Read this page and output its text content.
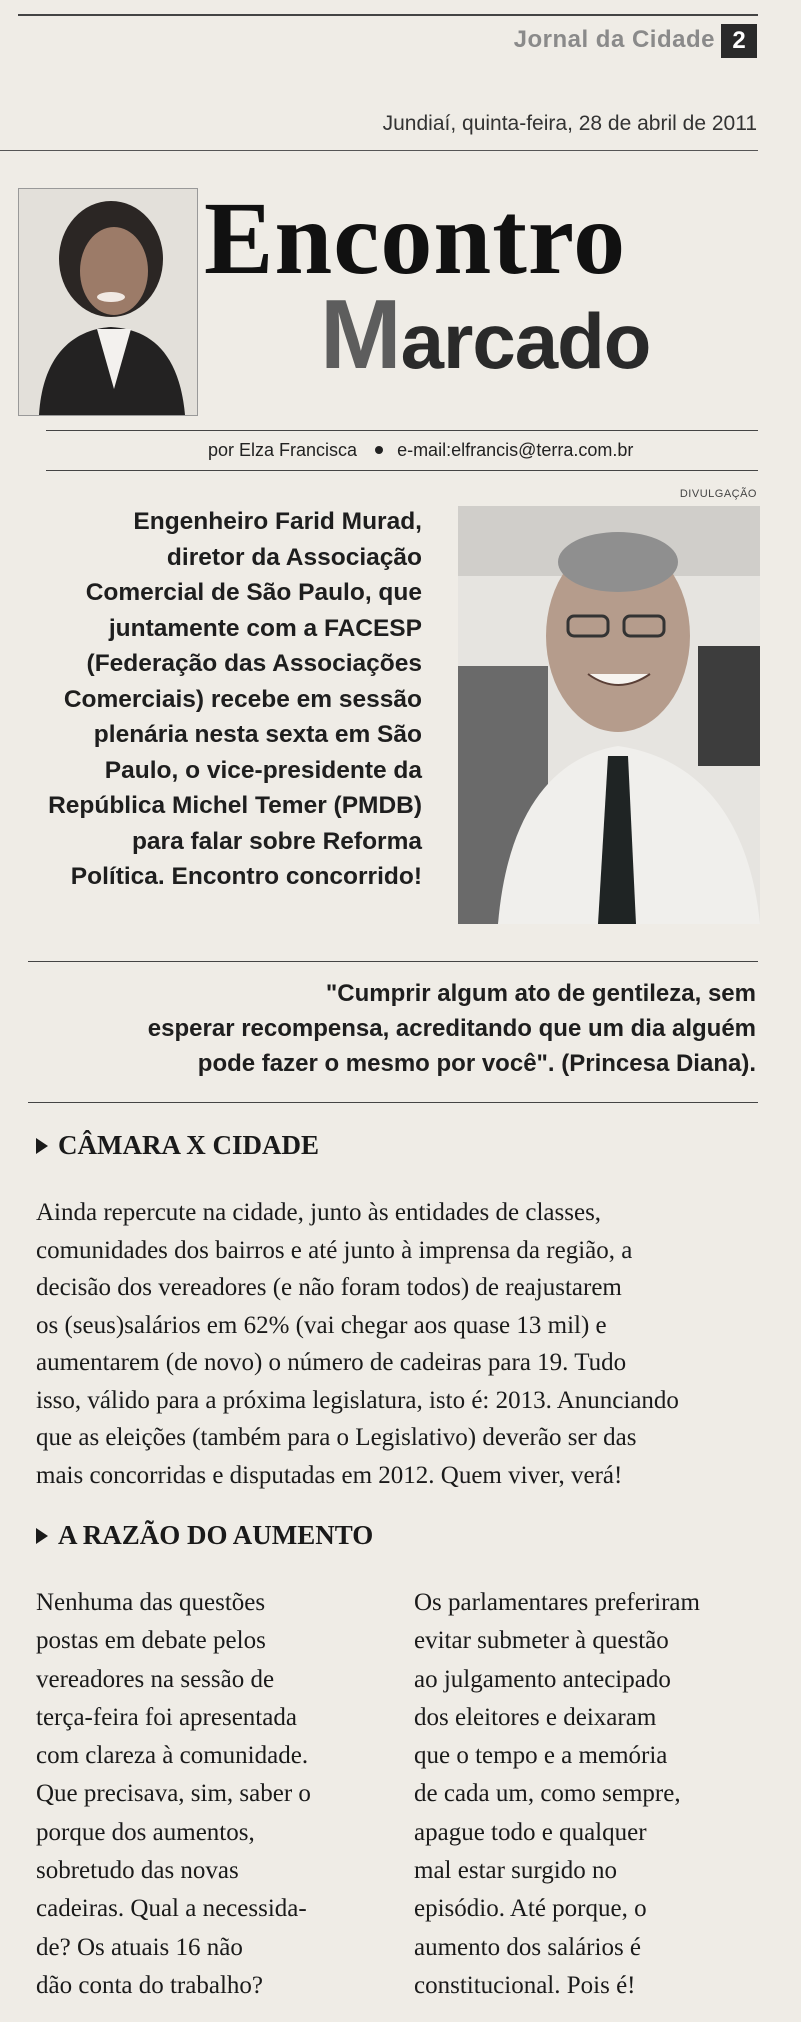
Jornal da Cidade 2
Jundiaí, quinta-feira, 28 de abril de 2011
Encontro
Marcado
por Elza Francisca e-mail:elfrancis@terra.com.br
DIVULGAÇÃO
Engenheiro Farid Murad,
diretor da Associação
Comercial de São Paulo, que
juntamente com a FACESP
(Federação das Associações
Comerciais) recebe em sessão
plenária nesta sexta em São
Paulo, o vice-presidente da
República Michel Temer (PMDB)
para falar sobre Reforma
Política. Encontro concorrido!
"Cumprir algum ato de gentileza, sem
esperar recompensa, acreditando que um dia alguém
pode fazer o mesmo por você". (Princesa Diana).
CÂMARA X CIDADE
Ainda repercute na cidade, junto às entidades de classes,
comunidades dos bairros e até junto à imprensa da região, a
decisão dos vereadores (e não foram todos) de reajustarem
os (seus)salários em 62% (vai chegar aos quase 13 mil) e
aumentarem (de novo) o número de cadeiras para 19. Tudo
isso, válido para a próxima legislatura, isto é: 2013. Anunciando
que as eleições (também para o Legislativo) deverão ser das
mais concorridas e disputadas em 2012. Quem viver, verá!
A RAZÃO DO AUMENTO
Nenhuma das questões
postas em debate pelos
vereadores na sessão de
terça-feira foi apresentada
com clareza à comunidade.
Que precisava, sim, saber o
porque dos aumentos,
sobretudo das novas
cadeiras. Qual a necessida-
de? Os atuais 16 não
dão conta do trabalho?
Os parlamentares preferiram
evitar submeter à questão
ao julgamento antecipado
dos eleitores e deixaram
que o tempo e a memória
de cada um, como sempre,
apague todo e qualquer
mal estar surgido no
episódio. Até porque, o
aumento dos salários é
constitucional. Pois é!
